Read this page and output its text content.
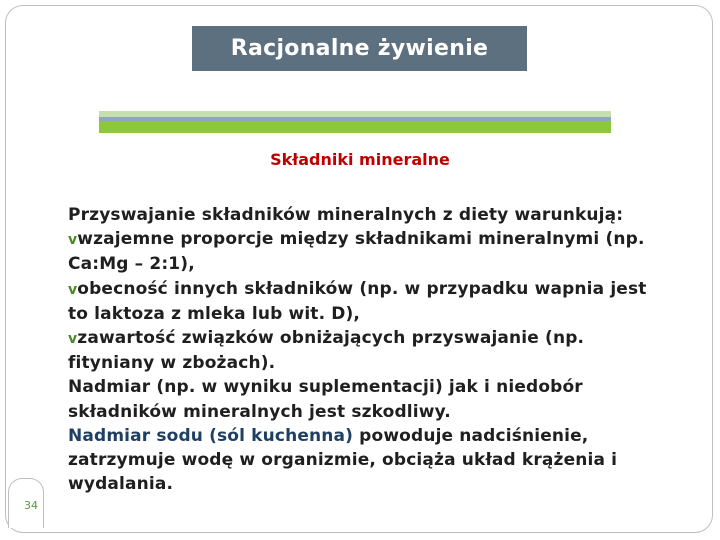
Racjonalne żywienie
Składniki mineralne

Przyswajanie składników mineralnych z diety warunkują:

vwzajemne proporcje między składnikami mineralnymi (np. Ca:Mg – 2:1),

vobecność innych składników (np. w przypadku wapnia jest to laktoza z mleka lub wit. D),

vzawartość związków obniżających przyswajanie (np. fityniany w zbożach).

Nadmiar (np. w wyniku suplementacji) jak i niedobór składników mineralnych jest szkodliwy.

Nadmiar sodu (sól kuchenna) powoduje nadciśnienie, zatrzymuje wodę w organizmie, obciąża układ krążenia i wydalania.

34
